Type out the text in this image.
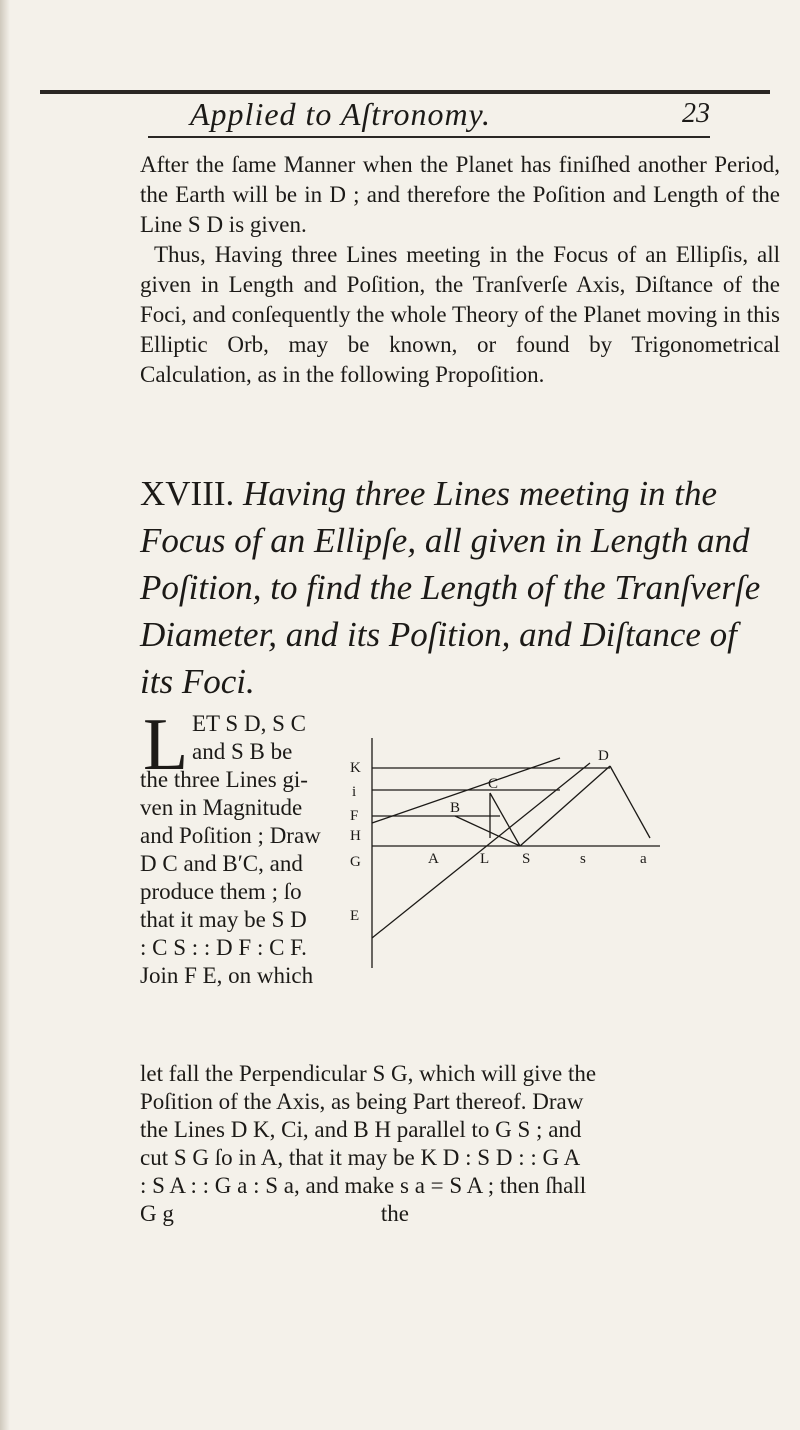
Applied to Aſtronomy.	23

After the ſame Manner when the Planet has finiſhed another Period, the Earth will be in D ; and therefore the Poſition and Length of the Line S D is given.

Thus, Having three Lines meeting in the Focus of an Ellipſis, all given in Length and Poſition, the Tranſverſe Axis, Diſtance of the Foci, and conſequently the whole Theory of the Planet moving in this Elliptic Orb, may be known, or found by Trigonometrical Calculation, as in the following Propoſition.

XVIII. Having three Lines meeting in the Focus of an Ellipſe, all given in Length and Poſition, to find the Length of the Tranſverſe Diameter, and its Poſition, and Diſtance of its Foci.
L ET S D, S C
and S B be
the three Lines gi-
ven in Magnitude
and Poſition ; Draw
D C and B′C, and
produce them ; ſo
that it may be S D
: C S : : D F : C F.
Join F E, on which
let fall the Perpendicular S G, which will give the
Poſition of the Axis, as being Part thereof. Draw
the Lines D K, Ci, and B H parallel to G S ; and
cut S G ſo in A, that it may be K D : S D : : G A
: S A : : G a : S a, and make s a = S A ; then ſhall
G g                                    the
K
i
F
H
G
E
D
C
B
A	L S	s	a
